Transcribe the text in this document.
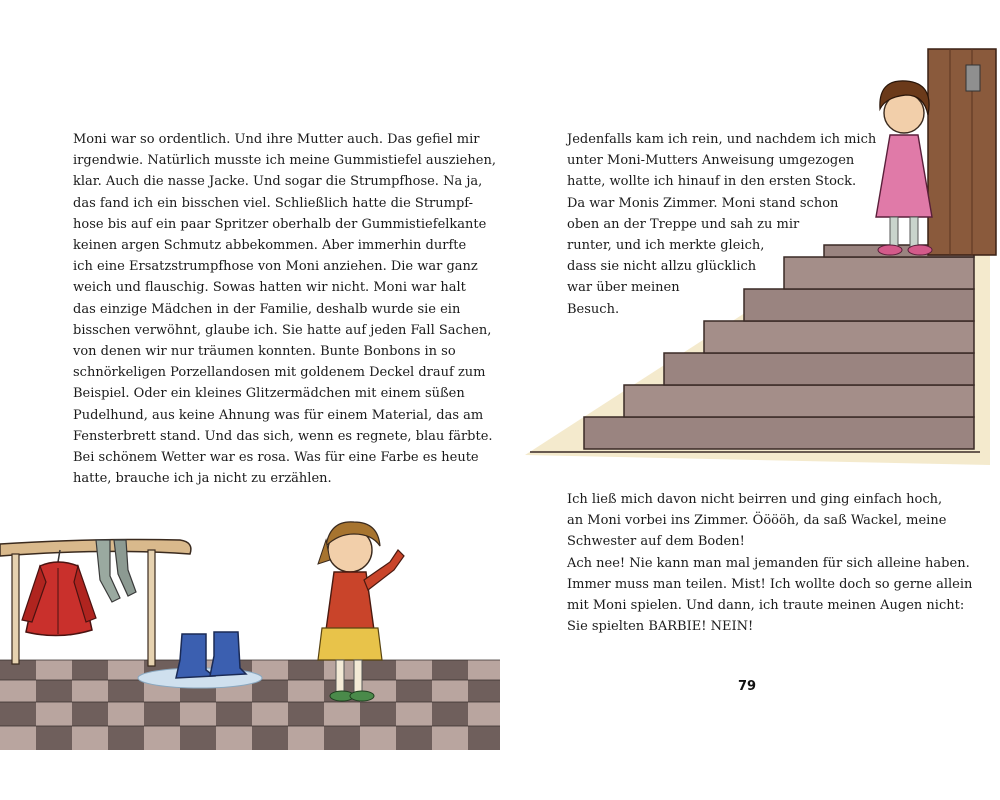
Moni war so ordentlich. Und ihre Mutter auch. Das gefiel mir

irgendwie. Natürlich musste ich meine Gummistiefel ausziehen,

klar. Auch die nasse Jacke. Und sogar die Strumpfhose. Na ja,

das fand ich ein bisschen viel. Schließlich hatte die Strumpf-

hose bis auf ein paar Spritzer oberhalb der Gummistiefelkante

keinen argen Schmutz abbekommen. Aber immerhin durfte

ich eine Ersatzstrumpfhose von Moni anziehen. Die war ganz

weich und flauschig. Sowas hatten wir nicht. Moni war halt

das einzige Mädchen in der Familie, deshalb wurde sie ein

bisschen verwöhnt, glaube ich. Sie hatte auf jeden Fall Sachen,

von denen wir nur träumen konnten. Bunte Bonbons in so

schnörkeligen Porzellandosen mit goldenem Deckel drauf zum

Beispiel. Oder ein kleines Glitzermädchen mit einem süßen

Pudelhund, aus keine Ahnung was für einem Material, das am

Fensterbrett stand. Und das sich, wenn es regnete, blau färbte.

Bei schönem Wetter war es rosa. Was für eine Farbe es heute

hatte, brauche ich ja nicht zu erzählen.

Jedenfalls kam ich rein, und nachdem ich mich

unter Moni-Mutters Anweisung umgezogen

hatte, wollte ich hinauf in den ersten Stock.

Da war Monis Zimmer. Moni stand schon

oben an der Treppe und sah zu mir

runter, und ich merkte gleich,

dass sie nicht allzu glücklich

war über meinen

Besuch.

Ich ließ mich davon nicht beirren und ging einfach hoch,

an Moni vorbei ins Zimmer. Ööööh, da saß Wackel, meine

Schwester auf dem Boden!

Ach nee! Nie kann man mal jemanden für sich alleine haben.

Immer muss man teilen. Mist! Ich wollte doch so gerne allein

mit Moni spielen. Und dann, ich traute meinen Augen nicht:

Sie spielten BARBIE! NEIN!

79
